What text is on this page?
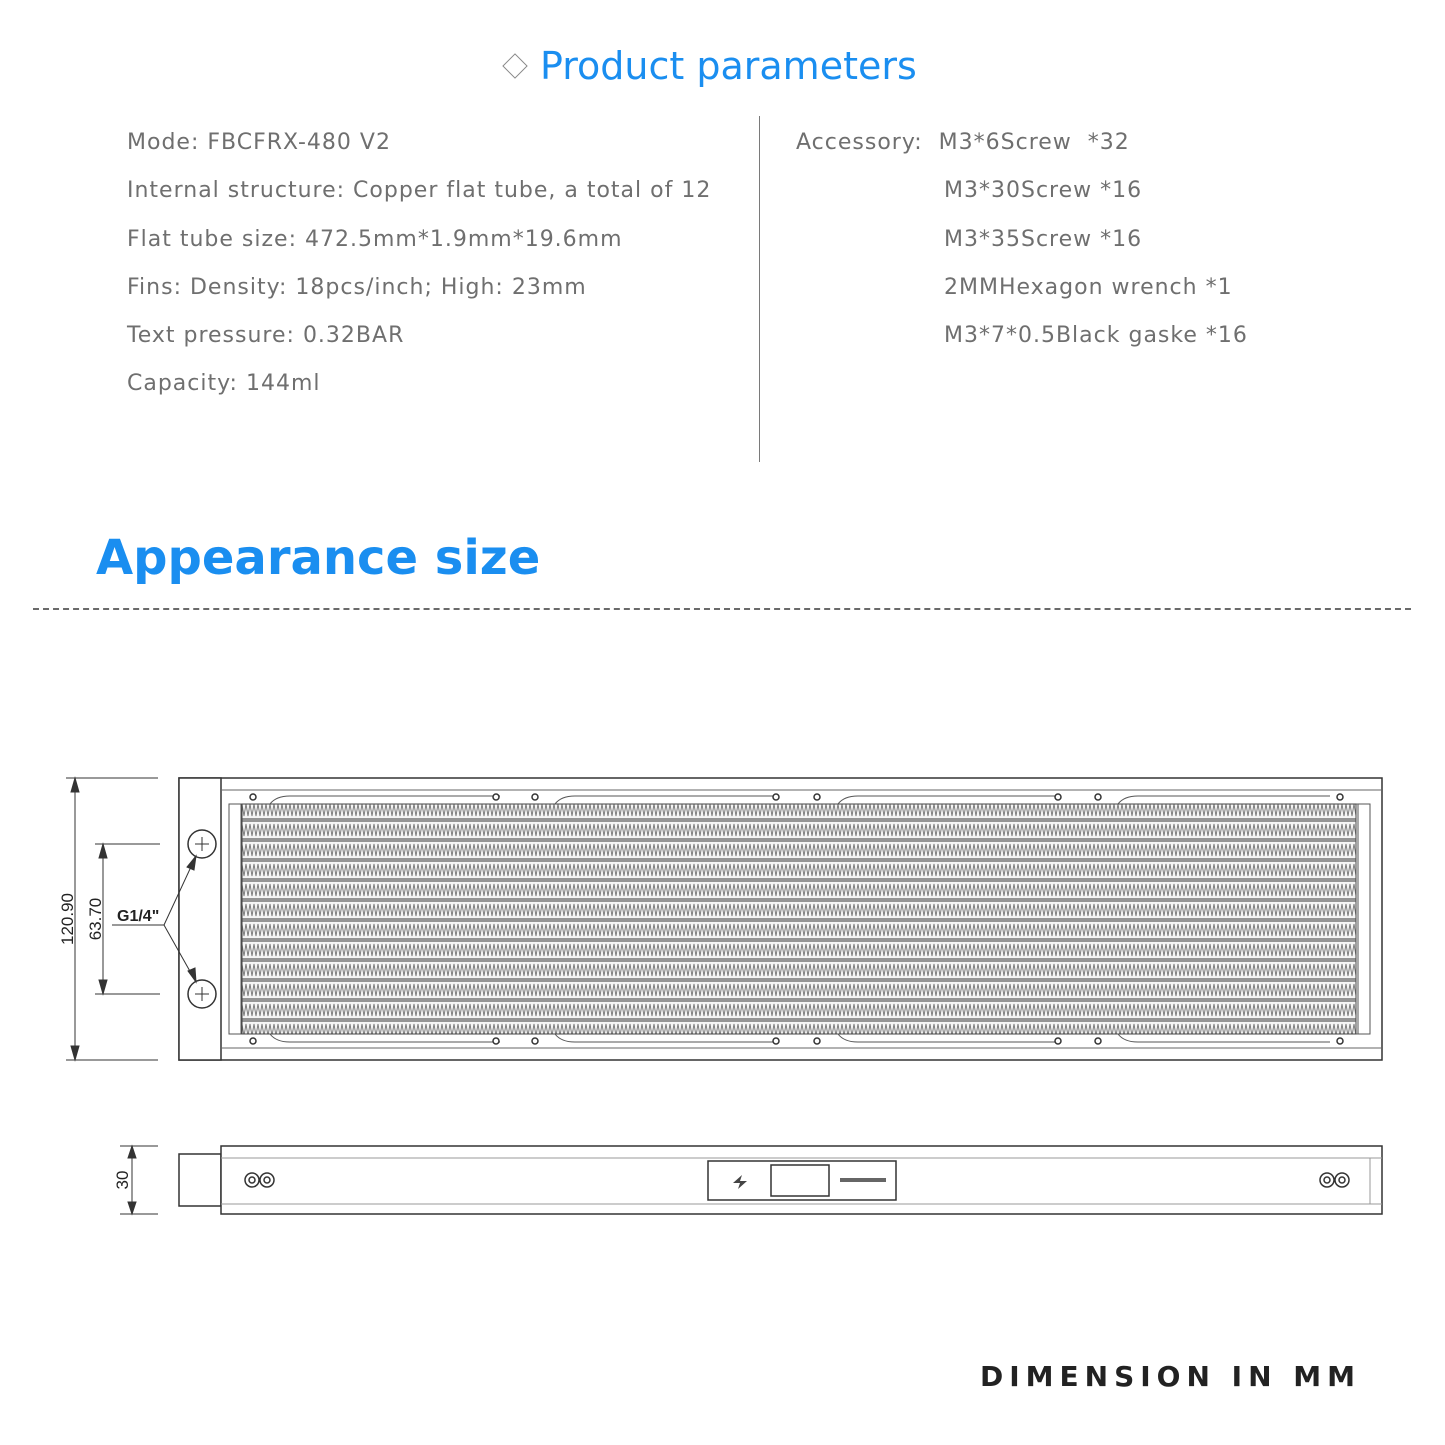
Product parameters
Mode: FBCFRX-480 V2
Internal structure: Copper flat tube, a total of 12
Flat tube size: 472.5mm*1.9mm*19.6mm
Fins: Density: 18pcs/inch; High: 23mm
Text pressure: 0.32BAR
Capacity: 144ml
Accessory: M3*6Screw  *32
M3*30Screw *16
M3*35Screw *16
2MMHexagon wrench *1
M3*7*0.5Black gaske *16
Appearance size
120.90 63.70 G1/4"
30
DIMENSION IN MM
